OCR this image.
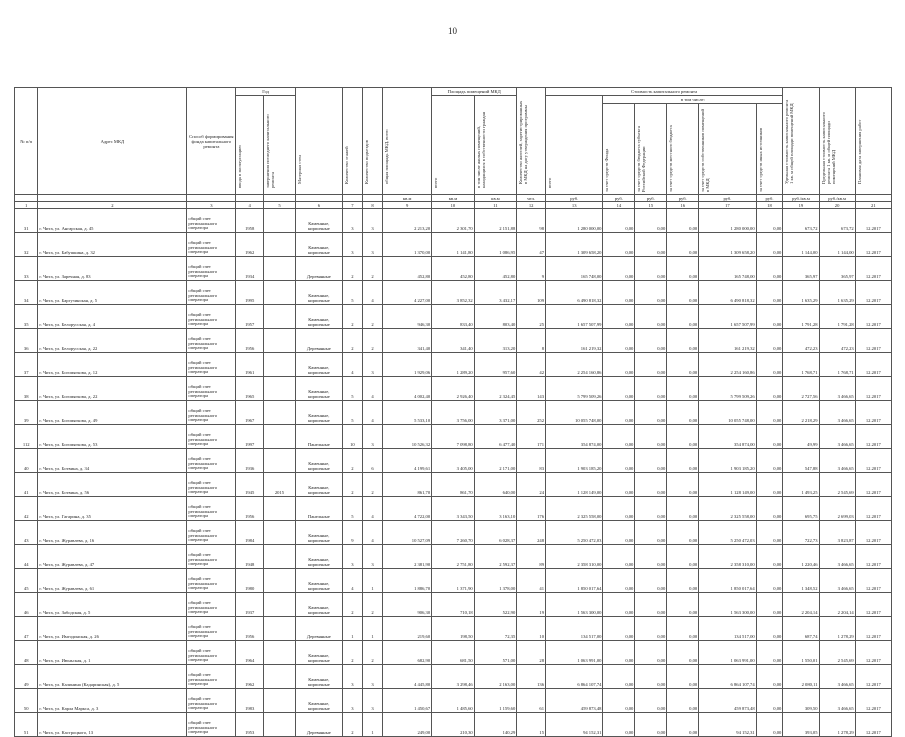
10
№ п/п	Адрес МКД	Способ формирования фонда капитального ремонта	Год		Материал стен	Количество этажей	Количество подъездов	общая площадь МКД, всего	Площадь помещений МКД		Количество жителей, зарегистрированных в МКД на дату утверждения программы	Стоимость капитального ремонта						Удельная стоимость капитального ремонта 1 кв. м общей площади помещений МКД	Предельная стоимость капитального ремонта 1 кв. м общей площади помещений МКД	Плановая дата завершения работ

			ввода в эксплуатацию	завершения последнего капитального ремонта					всего	в том числе жилых помещений, находящихся в собственности граждан		всего	в том числе:							

													за счет средств Фонда	за счет средств бюджета субъекта Российской Федерации	за счет средств местного бюджета	за счет средств собственников помещений в МКД	за счет средств иных источников			

								кв.м	кв.м	кв.м	чел.	руб.	руб.	руб.	руб.	руб.	руб.	руб./кв.м	руб./кв.м	
1	2	3	4	5	6	7	8	9	10	11	12	13	14	15	16	17	18	19	20	21
31	г. Чита, ул. Ангарская, д. 45	общий счет регионального оператора	1958		Каменные, кирпичные	3	3	2 213,20	2 301,70	2 151,88	98	1 280 000,00	0,00	0,00	0,00	1 280 000,00	0,00	673,72	673,72	12.2017
32	г. Чита, ул. Бабушкина, д. 32	общий счет регионального оператора	1962		Каменные, кирпичные	3	3	1 370,00	1 141,80	1 086,95	47	1 309 658,20	0,00	0,00	0,00	1 309 658,20	0,00	1 144,00	1 144,00	12.2017
33	г. Чита, ул. Заречная, д. 83	общий счет регионального оператора	1934		Деревянные	2	2	452,80	452,80	452,80	9	165 748,00	0,00	0,00	0,00	165 748,00	0,00	365,97	365,97	12.2017
34	г. Чита, ул. Баргузинская, д. 5	общий счет регионального оператора	1995		Каменные, кирпичные	5	4	4 227,00	3 852,32	3 432,17	109	6 490 818,32	0,00	0,00	0,00	6 490 818,32	0,00	1 635,29	1 635,29	12.2017
35	г. Чита, ул. Белорусская, д. 4	общий счет регионального оператора	1957		Каменные, кирпичные	2	2	946,30	833,40	803,40	25	1 657 507,99	0,00	0,00	0,00	1 657 507,99	0,00	1 791,28	1 791,28	12.2017
36	г. Чита, ул. Белорусская, д. 22	общий счет регионального оператора	1956		Деревянные	2	2	341,40	341,40	313,20	8	161 219,32	0,00	0,00	0,00	161 219,32	0,00	472,23	472,23	12.2017
37	г. Чита, ул. Богомягкова, д. 12	общий счет регионального оператора	1961		Каменные, кирпичные	4	3	1 929,06	1 289,20	957,60	42	2 254 160,86	0,00	0,00	0,00	2 254 160,86	0,00	1 768,71	1 768,71	12.2017
38	г. Чита, ул. Богомягкова, д. 22	общий счет регионального оператора	1965		Каменные, кирпичные	5	4	4 002,40	2 926,40	2 324,45	143	5 799 509,26	0,00	0,00	0,00	5 799 509,26	0,00	2 727,56	3 466,65	12.2017
39	г. Чита, ул. Богомягкова, д. 49	общий счет регионального оператора	1967		Каменные, кирпичные	5	4	5 533,10	3 756,00	3 371,00	252	10 055 748,00	0,00	0,00	0,00	10 055 748,00	0,00	2 218,29	3 466,65	12.2017
112	г. Чита, ул. Богомягкова, д. 53	общий счет регионального оператора	1997		Панельные	10	3	10 526,32	7 098,80	6 477,40	171	354 874,00	0,00	0,00	0,00	354 874,00	0,00	49,99	3 466,65	12.2017
40	г. Чита, ул. Ботвина, д. 34	общий счет регионального оператора	1936		Каменные, кирпичные	2	6	4 199,61	3 405,00	2 171,00	83	1 903 185,20	0,00	0,00	0,00	1 903 185,20	0,00	547,88	3 466,65	12.2017
41	г. Чита, ул. Ботвина, д. 56	общий счет регионального оператора	1945	2015	Каменные, кирпичные	2	2	861,70	861,70	640,00	24	1 128 149,00	0,00	0,00	0,00	1 128 149,00	0,00	1 493,25	2 545,69	12.2017
42	г. Чита, ул. Гагарина, д. 35	общий счет регионального оператора	1956		Панельные	5	4	4 722,00	3 343,50	3 163,10	176	2 325 558,00	0,00	0,00	0,00	2 325 558,00	0,00	695,75	2 699,03	12.2017
43	г. Чита, ул. Журавлева, д. 16	общий счет регионального оператора	1984		Каменные, кирпичные	9	4	10 527,09	7 260,70	6 028,37	248	5 250 472,03	0,00	0,00	0,00	5 250 472,03	0,00	722,73	3 823,87	12.2017
44	г. Чита, ул. Журавлева, д. 47	общий счет регионального оператора	1948		Каменные, кирпичные	3	3	2 381,90	2 751,80	2 592,37	89	2 358 310,00	0,00	0,00	0,00	2 358 310,00	0,00	1 220,46	3 466,65	12.2017
45	г. Чита, ул. Журавлева, д. 61	общий счет регионального оператора	1980		Каменные, кирпичные	4	1	1 886,70	1 371,90	1 378,00	41	1 850 017,64	0,00	0,00	0,00	1 850 017,64	0,00	1 348,52	3 466,65	12.2017
46	г. Чита, ул. Забодская, д. 5	общий счет регионального оператора	1937		Каменные, кирпичные	2	2	906,30	710,18	522,90	19	1 563 300,00	0,00	0,00	0,00	1 563 300,00	0,00	2 204,14	2 204,14	12.2017
47	г. Чита, ул. Имгодинская, д. 26	общий счет регионального оператора	1956		Деревянные	1	1	219,60	198,50	72,35	10	134 517,00	0,00	0,00	0,00	134 517,00	0,00	687,74	1 278,29	12.2017
48	г. Чита, ул. Июньская, д. 1	общий счет регионального оператора	1964		Каменные, кирпичные	2	2	682,90	681,50	571,00	28	1 063 991,00	0,00	0,00	0,00	1 063 991,00	0,00	1 550,01	2 545,69	12.2017
49	г. Чита, ул. Калинина (Кадаринская), д. 5	общий счет регионального оператора	1962		Каменные, кирпичные	3	3	4 445,80	3 298,46	2 163,00	136	6 864 107,74	0,00	0,00	0,00	6 864 107,74	0,00	2 080,11	3 466,65	12.2017
50	г. Чита, ул. Карла Маркса, д. 3	общий счет регионального оператора	1983		Каменные, кирпичные	3	3	1 450,67	1 485,60	1 159,60	61	459 873,48	0,00	0,00	0,00	459 873,48	0,00	309,50	3 466,65	12.2017
51	г. Чита, ул. Кастроцкого, 13	общий счет регионального оператора	1953		Деревянные	2	1	249,00	210,30	140,29	15	94 152,31	0,00	0,00	0,00	94 152,31	0,00	393,05	1 278,29	12.2017
